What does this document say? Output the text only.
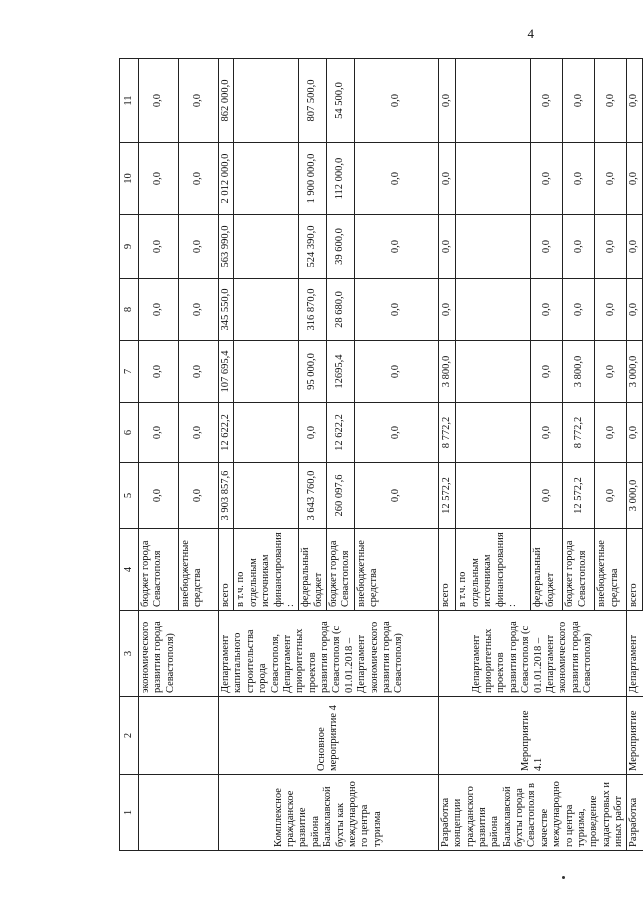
4
1	2	3	4	5	6	7	8	9	10	11
		экономического развития города Севастополя)	бюджет города Севастополя	0,0	0,0	0,0	0,0	0,0	0,0	0,0
			внебюджетные средства	0,0	0,0	0,0	0,0	0,0	0,0	0,0
Комплексное гражданское развитие района Балаклавской бухты как международного центра туризма	Основное мероприятие 4	Департамент капитального строительства города Севастополя, Департамент приоритетных проектов развития города Севастополя (с 01.01.2018 – Департамент экономического развития города Севастополя)	всего	3 903 857,6	12 622,2	107 695,4	345 550,0	563 990,0	2 012 000,0	862 000,0
			в т.ч. по отдельным источникам финансирования:							
			федеральный бюджет	3 643 760,0	0,0	95 000,0	316 870,0	524 390,0	1 900 000,0	807 500,0
			бюджет города Севастополя	260 097,6	12 622,2	12695,4	28 680,0	39 600,0	112 000,0	54 500,0
			внебюджетные средства	0,0	0,0	0,0	0,0	0,0	0,0	0,0
Разработка концепции гражданского развития района Балаклавской бухты города Севастополя в качестве международного центра туризма, проведение кадастровых и иных работ	Мероприятие 4.1	Департамент приоритетных проектов развития города Севастополя (с 01.01.2018 – Департамент экономического развития города Севастополя)	всего	12 572,2	8 772,2	3 800,0	0,0	0,0	0,0	0,0
			в т.ч. по отдельным источникам финансирования:							
			федеральный бюджет	0,0	0,0	0,0	0,0	0,0	0,0	0,0
			бюджет города Севастополя	12 572,2	8 772,2	3 800,0	0,0	0,0	0,0	0,0
			внебюджетные средства	0,0	0,0	0,0	0,0	0,0	0,0	0,0
Разработка	Мероприятие	Департамент	всего	3 000,0	0,0	3 000,0	0,0	0,0	0,0	0,0
